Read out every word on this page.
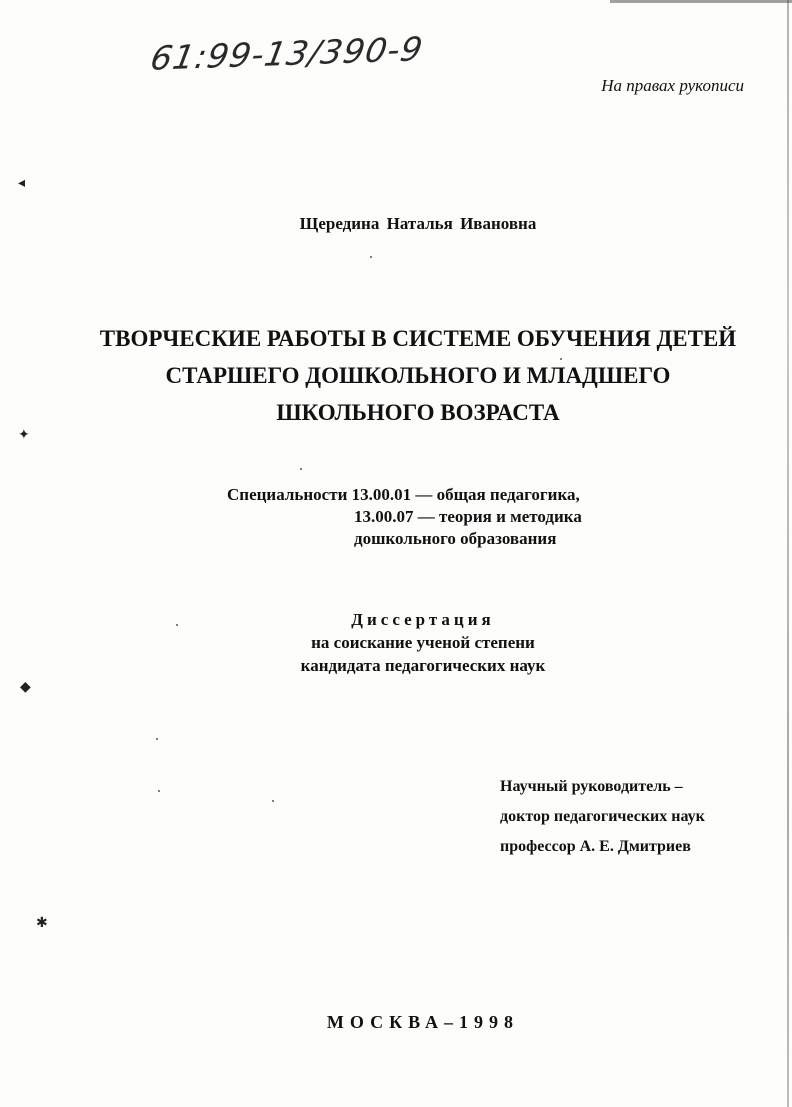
61:99-13/390-9
На правах рукописи
Щередина Наталья Ивановна
ТВОРЧЕСКИЕ РАБОТЫ В СИСТЕМЕ ОБУЧЕНИЯ ДЕТЕЙ
СТАРШЕГО ДОШКОЛЬНОГО И МЛАДШЕГО
ШКОЛЬНОГО ВОЗРАСТА
Специальности 13.00.01 — общая педагогика,
13.00.07 — теория и методика
дошкольного образования
Диссертация
на соискание ученой степени
кандидата педагогических наук
Научный руководитель –
доктор педагогических наук
профессор А. Е. Дмитриев
МОСКВА–1998
◂
✦
◆
✱
